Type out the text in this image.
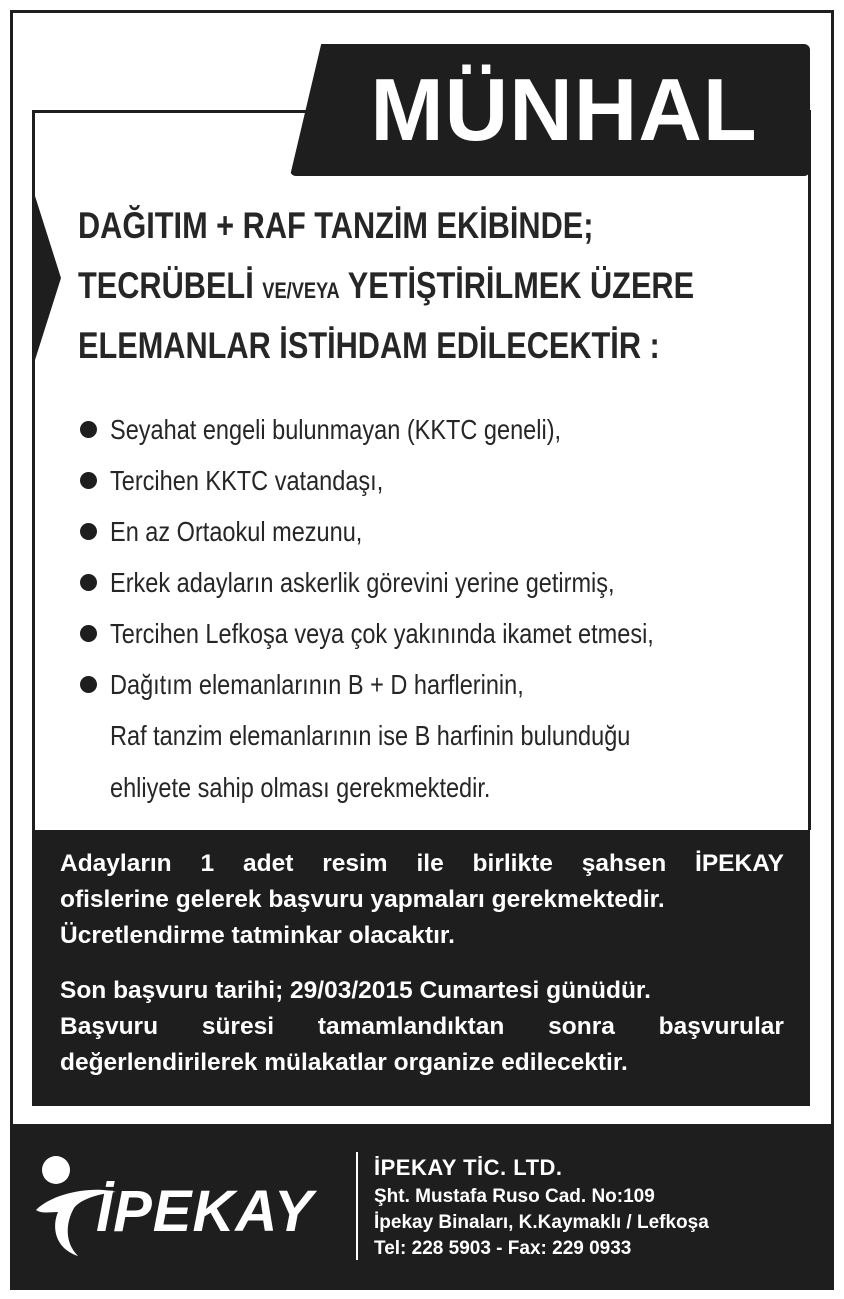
MÜNHAL
DAĞITIM + RAF TANZİM EKİBİNDE;
TECRÜBELİ VE/VEYA YETİŞTİRİLMEK ÜZERE
ELEMANLAR İSTİHDAM EDİLECEKTİR :
Seyahat engeli bulunmayan (KKTC geneli),
Tercihen KKTC vatandaşı,
En az Ortaokul mezunu,
Erkek adayların askerlik görevini yerine getirmiş,
Tercihen Lefkoşa veya çok yakınında ikamet etmesi,
Dağıtım elemanlarının B + D harflerinin,
Raf tanzim elemanlarının ise B harfinin bulunduğu
ehliyete sahip olması gerekmektedir.
Adayların 1 adet resim ile birlikte şahsen İPEKAY
ofislerine gelerek başvuru yapmaları gerekmektedir.
Ücretlendirme tatminkar olacaktır.
Son başvuru tarihi; 29/03/2015 Cumartesi günüdür.
Başvuru süresi tamamlandıktan sonra başvurular
değerlendirilerek mülakatlar organize edilecektir.
İPEKAY
İPEKAY TİC. LTD.
Şht. Mustafa Ruso Cad. No:109
İpekay Binaları, K.Kaymaklı / Lefkoşa
Tel: 228 5903 - Fax: 229 0933
